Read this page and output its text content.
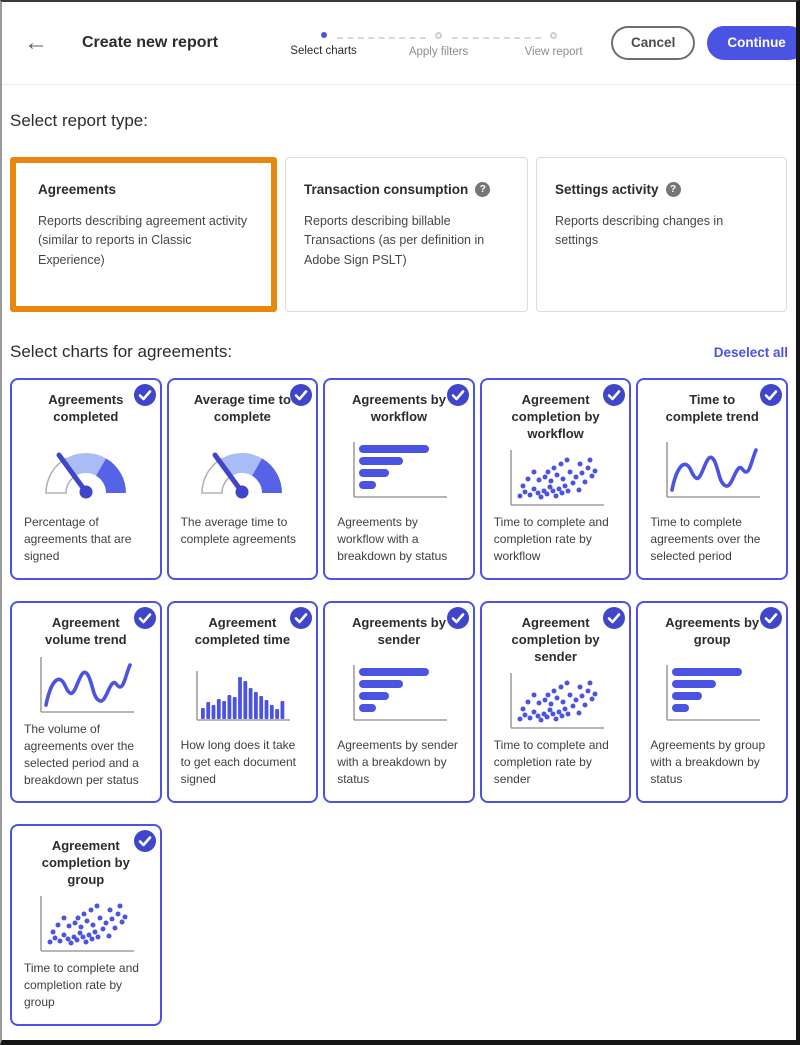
←	Create new report	Select charts	Apply filters	View report
Cancel	Continue
Select report type:
Agreements

Reports describing agreement activity (similar to reports in Classic Experience)

Transaction consumption	?

Reports describing billable Transactions (as per definition in Adobe Sign PSLT)

Settings activity	?

Reports describing changes in settings

Select charts for agreements:	Deselect all
Agreements completed
Percentage of agreements that are signed
Average time to complete
The average time to complete agreements
Agreements by workflow
Agreements by workflow with a breakdown by status
Agreement completion by workflow
Time to complete and completion rate by workflow
Time to complete trend
Time to complete agreements over the selected period
Agreement volume trend
The volume of agreements over the selected period and a breakdown per status
Agreement completed time
How long does it take to get each document signed
Agreements by sender
Agreements by sender with a breakdown by status
Agreement completion by sender
Time to complete and completion rate by sender
Agreements by group
Agreements by group with a breakdown by status
Agreement completion by group
Time to complete and completion rate by group
